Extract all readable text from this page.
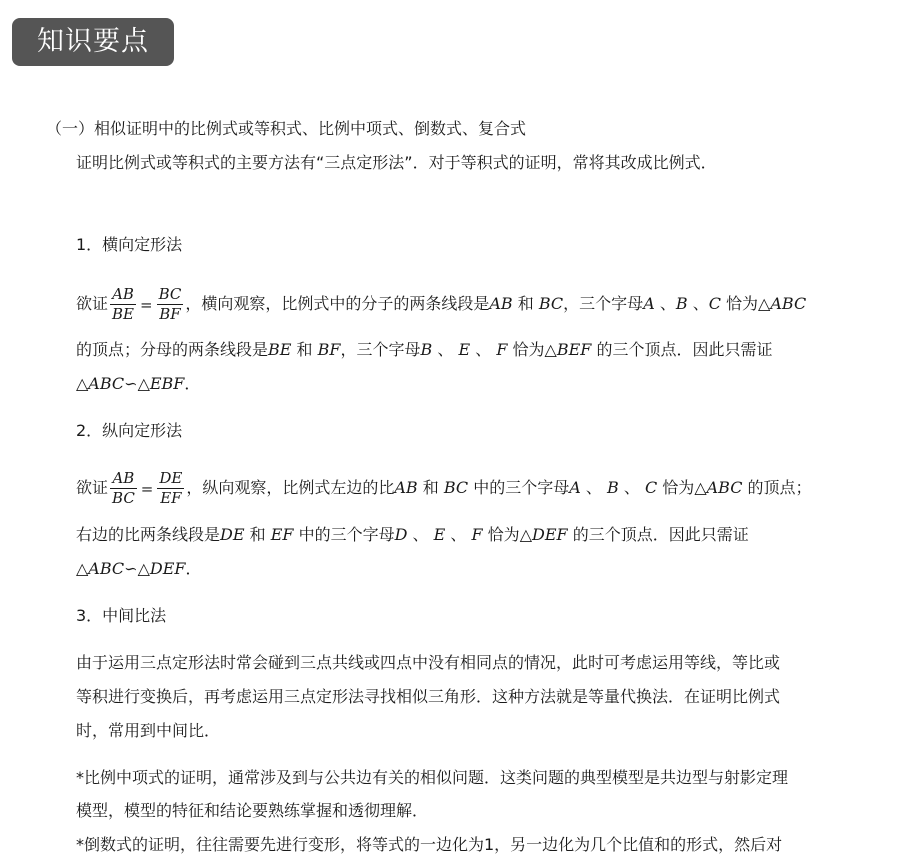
知识要点
（一）相似证明中的比例式或等积式、比例中项式、倒数式、复合式
证明比例式或等积式的主要方法有“三点定形法”．对于等积式的证明，常将其改成比例式．
1．横向定形法
欲证 $\frac{AB}{BE} = \frac{BC}{BF}$ ，横向观察，比例式中的分子的两条线段是AB 和 BC，三个字母A 、B 、C 恰为△ABC
的顶点；分母的两条线段是BE 和 BF，三个字母B 、 E 、 F 恰为△BEF 的三个顶点．因此只需证
△ABC∽△EBF．
2．纵向定形法
欲证 $\frac{AB}{BC} = \frac{DE}{EF}$ ，纵向观察，比例式左边的比AB 和 BC 中的三个字母A 、 B 、 C 恰为△ABC 的顶点；
右边的比两条线段是DE 和 EF 中的三个字母D 、 E 、 F 恰为△DEF 的三个顶点．因此只需证
△ABC∽△DEF．
3．中间比法
由于运用三点定形法时常会碰到三点共线或四点中没有相同点的情况，此时可考虑运用等线，等比或
等积进行变换后，再考虑运用三点定形法寻找相似三角形．这种方法就是等量代换法．在证明比例式
时，常用到中间比．
*比例中项式的证明，通常涉及到与公共边有关的相似问题．这类问题的典型模型是共边型与射影定理
模型，模型的特征和结论要熟练掌握和透彻理解．
*倒数式的证明，往往需要先进行变形，将等式的一边化为1，另一边化为几个比值和的形式，然后对
